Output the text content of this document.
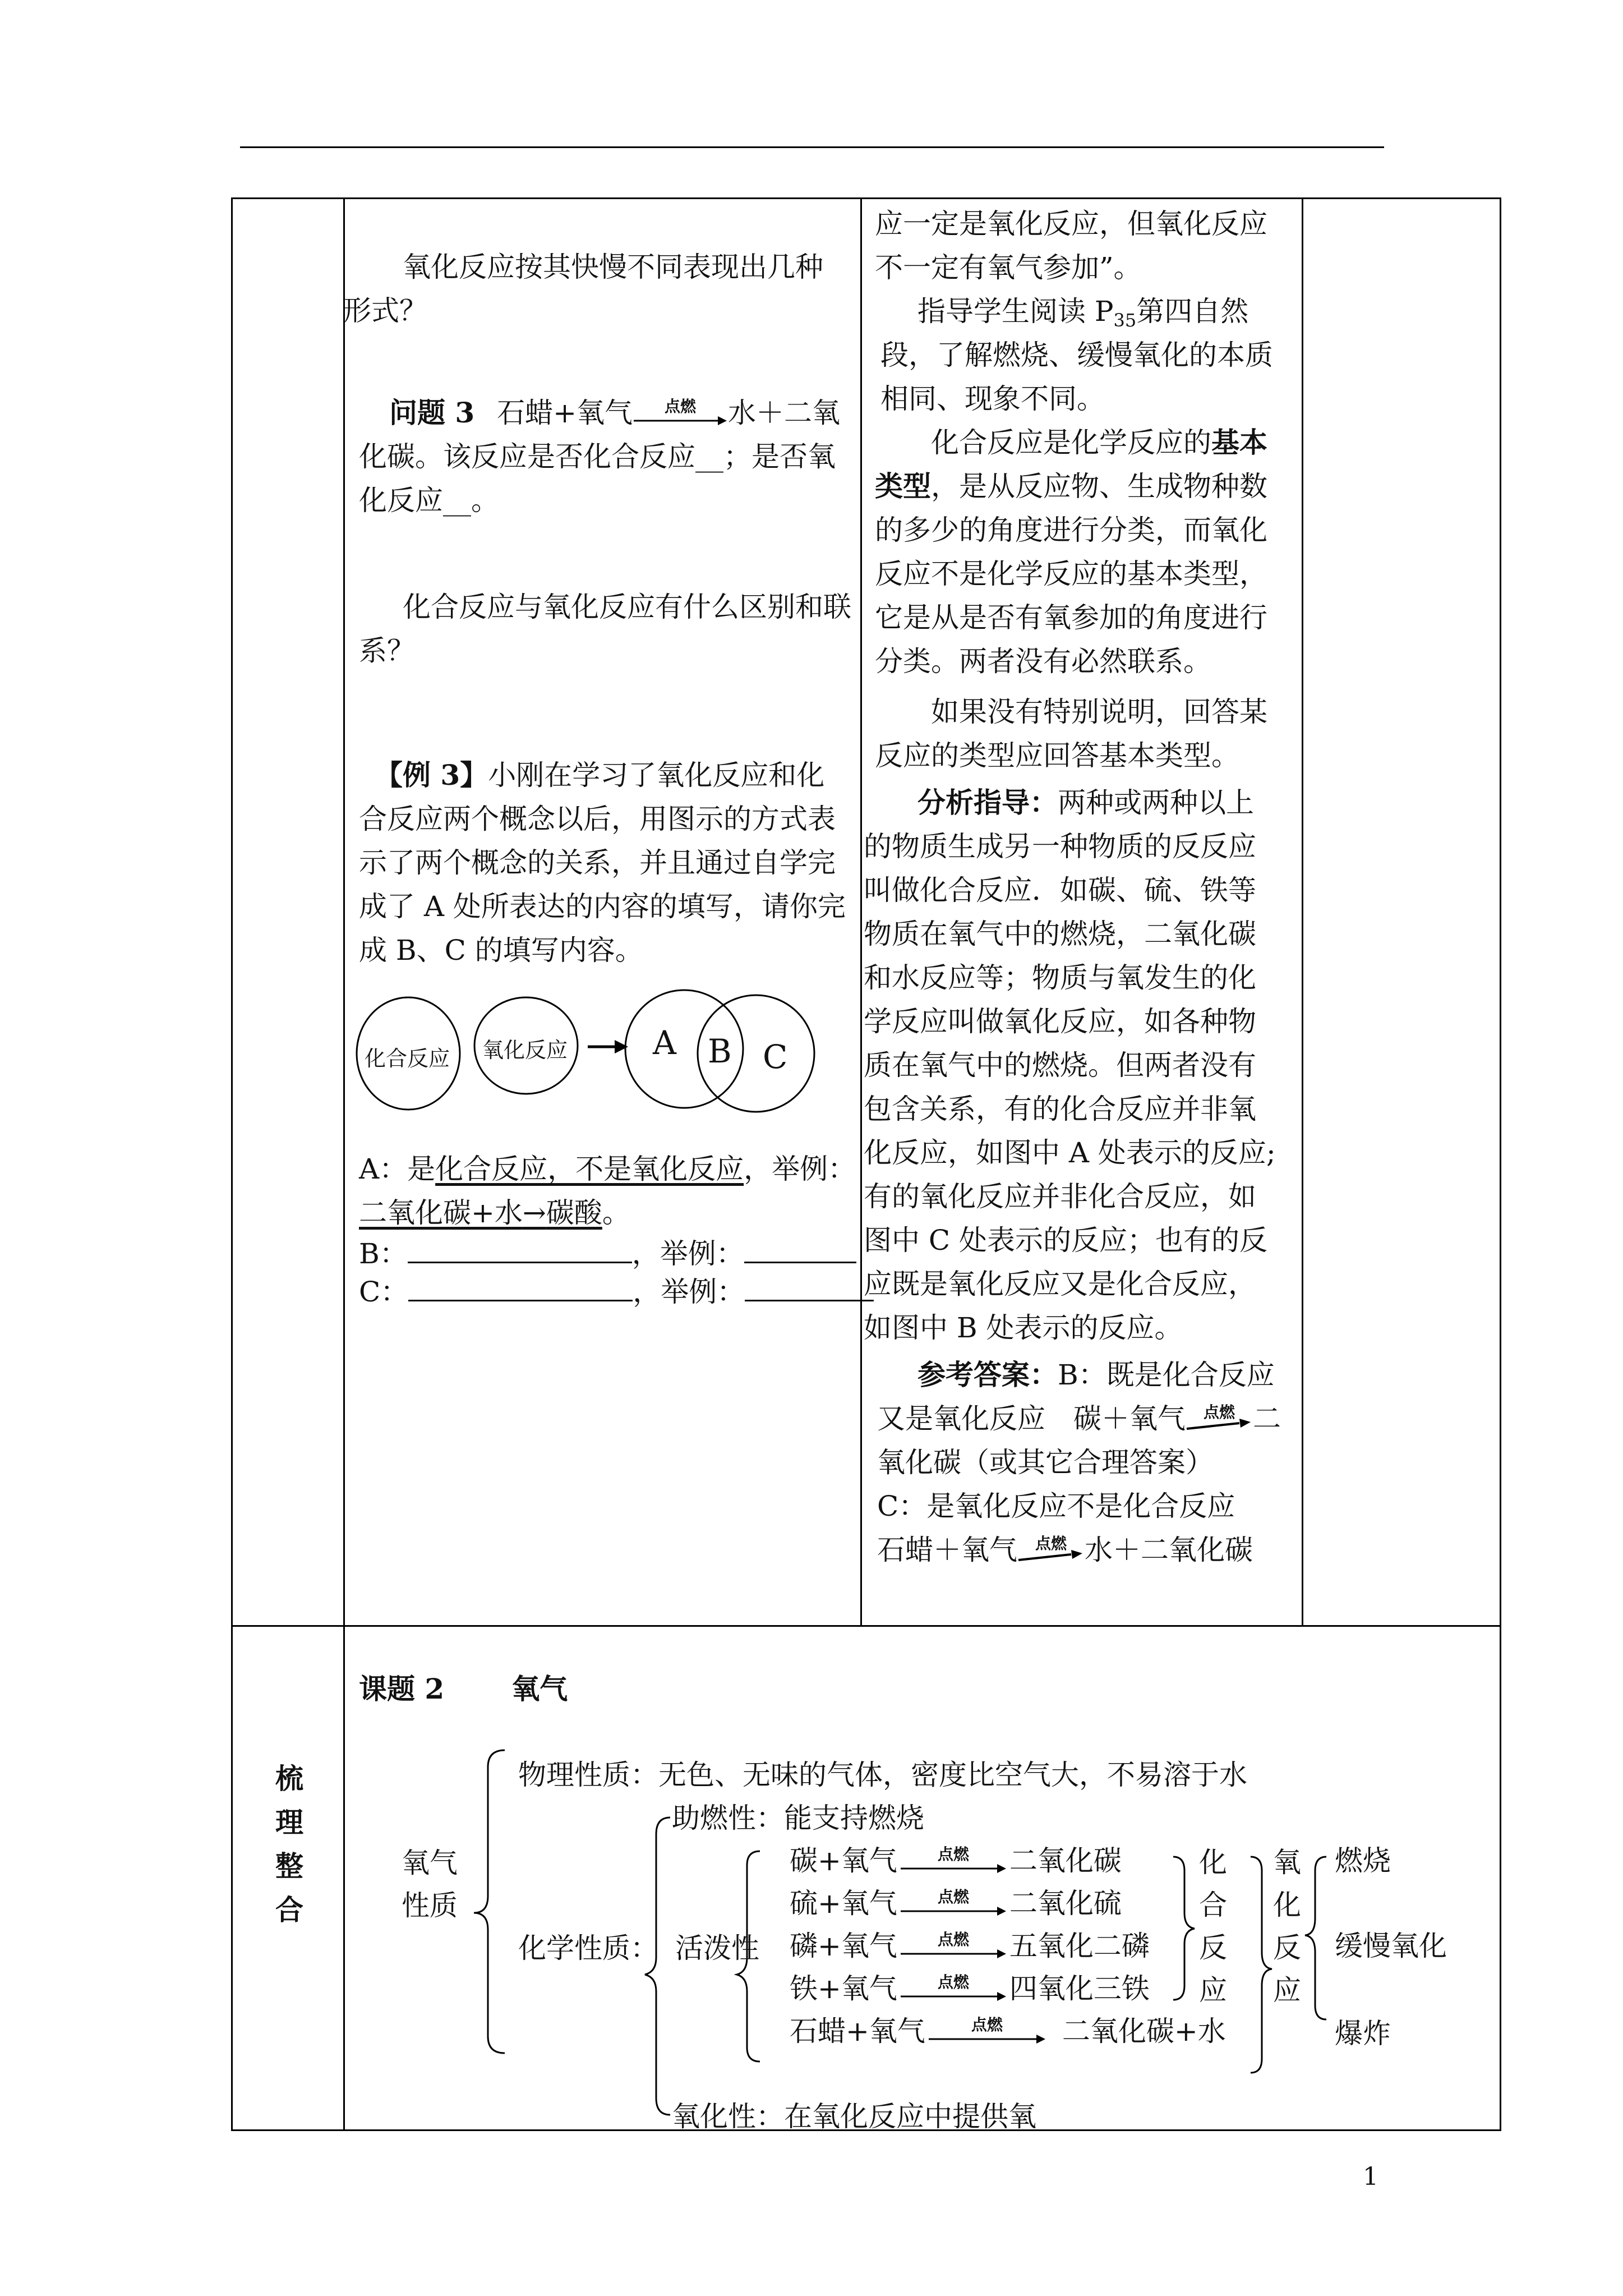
氧化反应按其快慢不同表现出几种
形式？
问题 3 石蜡+氧气	点燃	水＋二氧
化碳。该反应是否化合反应__；是否氧
化反应__。
化合反应与氧化反应有什么区别和联
系？
【例 3】小刚在学习了氧化反应和化
合反应两个概念以后，用图示的方式表
示了两个概念的关系，并且通过自学完
成了 A 处所表达的内容的填写，请你完
成 B、C 的填写内容。
化合反应 氧化反应	A B C
A：是化合反应，不是氧化反应，举例：
二氧化碳+水→碳酸。
B：	，举例：
C：	，举例：
应一定是氧化反应，但氧化反应
不一定有氧气参加”。
指导学生阅读 $P_{35}$第四自然
段，了解燃烧、缓慢氧化的本质
相同、现象不同。
化合反应是化学反应的基本
类型，是从反应物、生成物种数
的多少的角度进行分类，而氧化
反应不是化学反应的基本类型，
它是从是否有氧参加的角度进行
分类。两者没有必然联系。
如果没有特别说明，回答某
反应的类型应回答基本类型。
分析指导：两种或两种以上
的物质生成另一种物质的反反应
叫做化合反应．如碳、硫、铁等
物质在氧气中的燃烧，二氧化碳
和水反应等；物质与氧发生的化
学反应叫做氧化反应，如各种物
质在氧气中的燃烧。但两者没有
包含关系，有的化合反应并非氧
化反应，如图中 A 处表示的反应;
有的氧化反应并非化合反应，如
图中 C 处表示的反应；也有的反
应既是氧化反应又是化合反应，
如图中 B 处表示的反应。
参考答案：B：既是化合反应
又是氧化反应 碳＋氧气	点燃 二
氧化碳（或其它合理答案）
C：是氧化反应不是化合反应
石蜡＋氧气	点燃 水＋二氧化碳
梳
理
整
合
课题 2 氧气
氧气
性质
物理性质：无色、无味的气体，密度比空气大，不易溶于水
化学性质：
助燃性：能支持燃烧
活泼性
氧化性：在氧化反应中提供氧
碳+氧气	点燃	二氧化碳
硫+氧气	点燃	二氧化硫
磷+氧气	点燃	五氧化二磷
铁+氧气	点燃	四氧化三铁
石蜡+氧气	点燃	二氧化碳+水
化
合
反
应
氧
化
反
应
燃烧
缓慢氧化
爆炸
1
